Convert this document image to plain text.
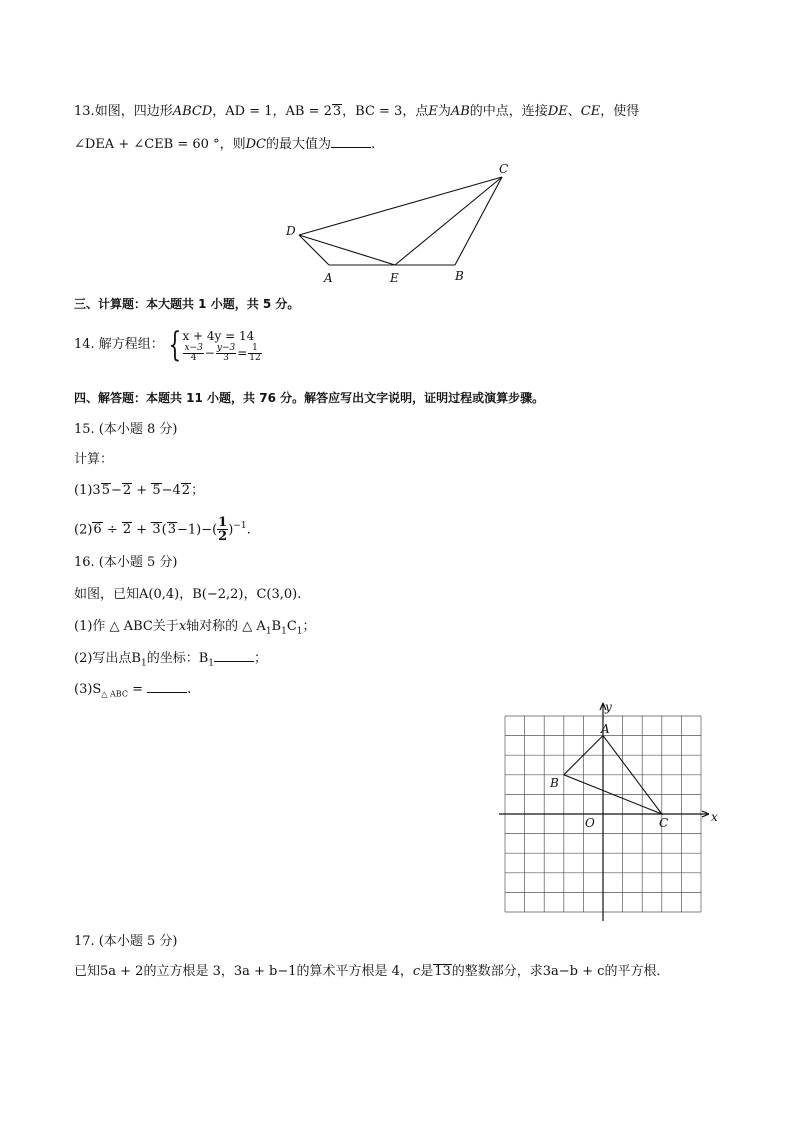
13.如图，四边形ABCD，AD = 1，AB = 23，BC = 3，点E为AB的中点，连接DE、CE，使得
∠DEA + ∠CEB = 60 °，则DC的最大值为	.
D
A	E	B
C
三、计算题：本大题共 1 小题，共 5 分。
14. 解方程组： { x + 4y = 14
$\frac{x-3}{4} - \frac{y-3}{3} = \frac{1}{12}$
四、解答题：本题共 11 小题，共 76 分。解答应写出文字说明，证明过程或演算步骤。
15. (本小题 8 分)
计算：
(1)35−2 + 5−42；
$(2)6 \div 2 + 3(3-1)-( \frac{1}{2})^{-1}$.
16. (本小题 5 分)
如图，已知A(0,4)，B(−2,2)，C(3,0).
(1)作 △ ABC关于x轴对称的 △ $A_1B_1C_1$；
(2)写出点$B_1$的坐标：$B_1$	；
$(3)S_{\triangle ABC}$ =	.
y
x
O
A
B
C
17. (本小题 5 分)
已知5a + 2的立方根是 3，3a + b−1的算术平方根是 4，c是13的整数部分，求3a−b + c的平方根．
